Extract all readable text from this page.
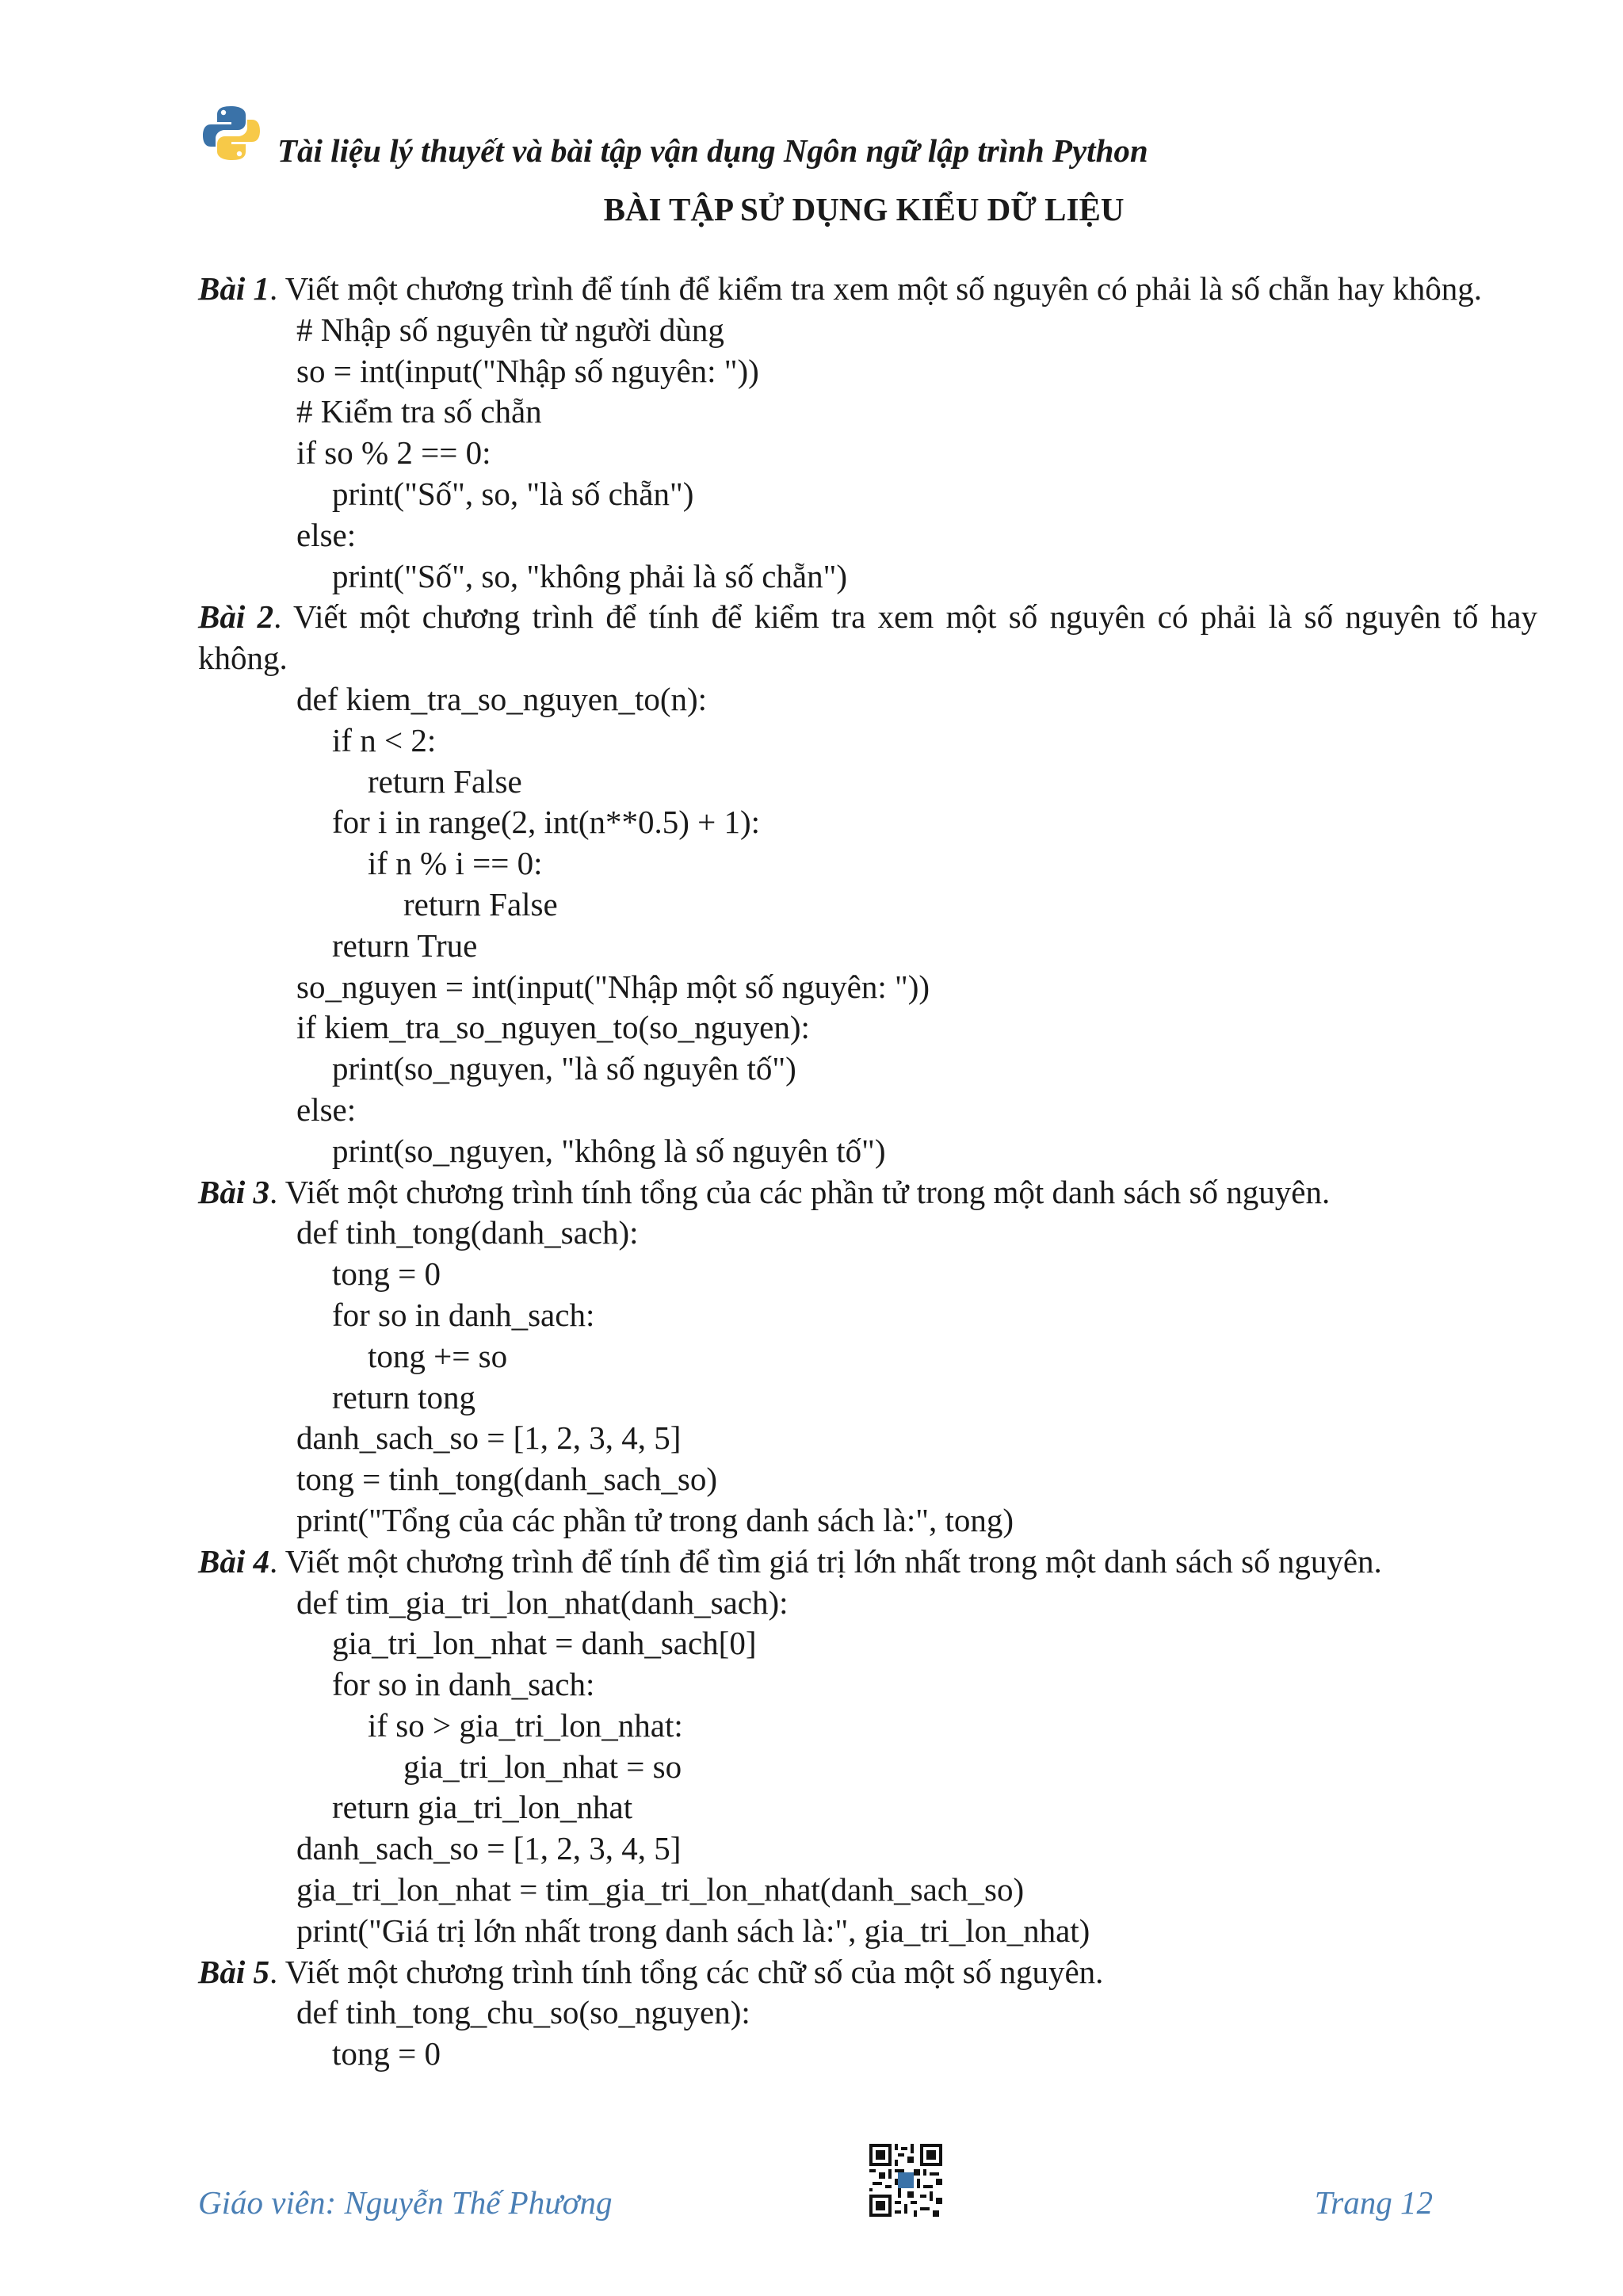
Tài liệu lý thuyết và bài tập vận dụng Ngôn ngữ lập trình Python
BÀI TẬP SỬ DỤNG KIỂU DỮ LIỆU

Bài 1. Viết một chương trình để tính để kiểm tra xem một số nguyên có phải là số chẵn hay không.

# Nhập số nguyên từ người dùng
so = int(input("Nhập số nguyên: "))
# Kiểm tra số chẵn
if so % 2 == 0:
print("Số", so, "là số chẵn")
else:
print("Số", so, "không phải là số chẵn")

Bài 2. Viết một chương trình để tính để kiểm tra xem một số nguyên có phải là số nguyên tố hay không.

def kiem_tra_so_nguyen_to(n):
if n < 2:
return False
for i in range(2, int(n**0.5) + 1):
if n % i == 0:
return False
return True
so_nguyen = int(input("Nhập một số nguyên: "))
if kiem_tra_so_nguyen_to(so_nguyen):
print(so_nguyen, "là số nguyên tố")
else:
print(so_nguyen, "không là số nguyên tố")

Bài 3. Viết một chương trình tính tổng của các phần tử trong một danh sách số nguyên.

def tinh_tong(danh_sach):
tong = 0
for so in danh_sach:
tong += so
return tong
danh_sach_so = [1, 2, 3, 4, 5]
tong = tinh_tong(danh_sach_so)
print("Tổng của các phần tử trong danh sách là:", tong)

Bài 4. Viết một chương trình để tính để tìm giá trị lớn nhất trong một danh sách số nguyên.

def tim_gia_tri_lon_nhat(danh_sach):
gia_tri_lon_nhat = danh_sach[0]
for so in danh_sach:
if so > gia_tri_lon_nhat:
gia_tri_lon_nhat = so
return gia_tri_lon_nhat
danh_sach_so = [1, 2, 3, 4, 5]
gia_tri_lon_nhat = tim_gia_tri_lon_nhat(danh_sach_so)
print("Giá trị lớn nhất trong danh sách là:", gia_tri_lon_nhat)

Bài 5. Viết một chương trình tính tổng các chữ số của một số nguyên.

def tinh_tong_chu_so(so_nguyen):
tong = 0
Giáo viên: Nguyễn Thế Phương	Trang 12
